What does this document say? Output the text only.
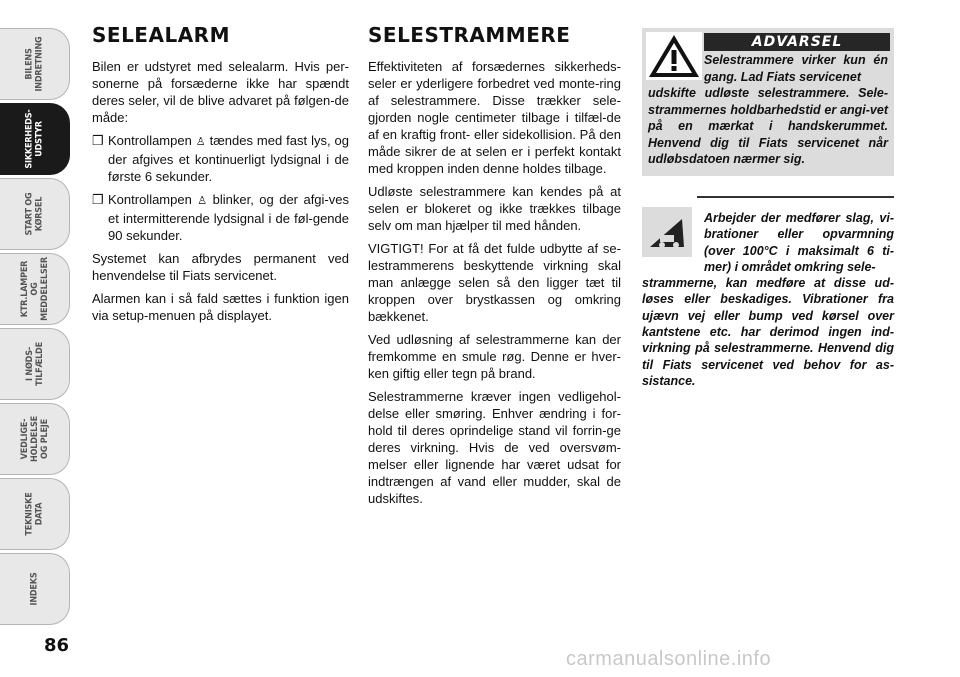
BILENS
INDRETNING
SIKKERHEDS-
UDSTYR
START OG
KØRSEL
KTR.LAMPER
OG
MEDDELELSER
I NØDS-
TILFÆLDE
VEDLIGE-
HOLDELSE
OG PLEJE
TEKNISKE
DATA
INDEKS
86
SELEALARM

Bilen er udstyret med selealarm. Hvis per-sonerne på forsæderne ikke har spændt deres seler, vil de blive advaret på følgen-de måde:

❒ Kontrollampen ♙ tændes med fast lys, og der afgives et kontinuerligt lydsignal i de første 6 sekunder.
❒ Kontrollampen ♙ blinker, og der afgi-ves et intermitterende lydsignal i de føl-gende 90 sekunder.

Systemet kan afbrydes permanent ved henvendelse til Fiats servicenet.

Alarmen kan i så fald sættes i funktion igen via setup-menuen på displayet.

SELESTRAMMERE

Effektiviteten af forsædernes sikkerheds-seler er yderligere forbedret ved monte-ring af selestrammere. Disse trækker sele-gjorden nogle centimeter tilbage i tilfæl-de af en kraftig front- eller sidekollision. På den måde sikrer de at selen er i perfekt kontakt med kroppen inden denne holdes tilbage.

Udløste selestrammere kan kendes på at selen er blokeret og ikke trækkes tilbage selv om man hjælper til med hånden.

VIGTIGT! For at få det fulde udbytte af se-lestrammerens beskyttende virkning skal man anlægge selen så den ligger tæt til kroppen over brystkassen og omkring bækkenet.

Ved udløsning af selestrammerne kan der fremkomme en smule røg. Denne er hver-ken giftig eller tegn på brand.

Selestrammerne kræver ingen vedligehol-delse eller smøring. Enhver ændring i for-hold til deres oprindelige stand vil forrin-ge deres virkning. Hvis de ved oversvøm-melser eller lignende har været udsat for indtrængen af vand eller mudder, skal de udskiftes.

ADVARSEL
Selestrammere virker kun én gang. Lad Fiats servicenet
udskifte udløste selestrammere. Sele-strammernes holdbarhedstid er angi-vet på en mærkat i handskerummet. Henvend dig til Fiats servicenet når udløbsdatoen nærmer sig.
Arbejder der medfører slag, vi-brationer eller opvarmning (over 100°C i maksimalt 6 ti-mer) i området omkring sele-
strammerne, kan medføre at disse ud-løses eller beskadiges. Vibrationer fra ujævn vej eller bump ved kørsel over kantstene etc. har derimod ingen ind-virkning på selestrammerne. Henvend dig til Fiats servicenet ved behov for as-sistance.
carmanualsonline.info
